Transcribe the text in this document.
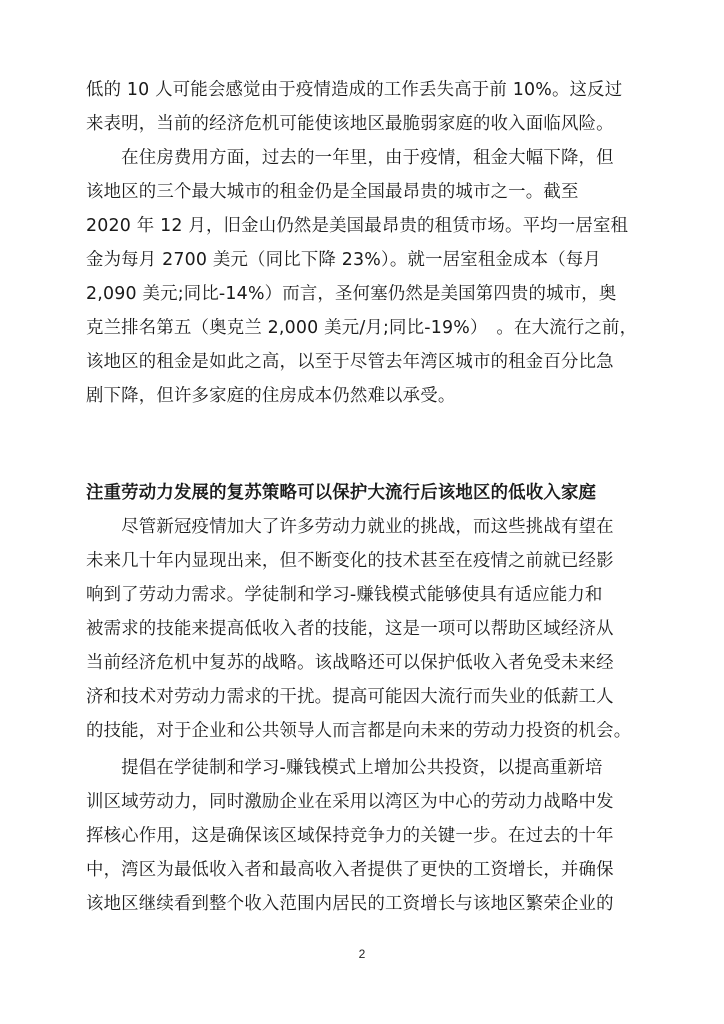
低的 10 人可能会感觉由于疫情造成的工作丢失高于前 10%。这反过
来表明，当前的经济危机可能使该地区最脆弱家庭的收入面临风险。
　　在住房费用方面，过去的一年里，由于疫情，租金大幅下降，但
该地区的三个最大城市的租金仍是全国最昂贵的城市之一。截至
2020 年 12 月，旧金山仍然是美国最昂贵的租赁市场。平均一居室租
金为每月 2700 美元（同比下降 23%）。就一居室租金成本（每月
2,090 美元;同比-14%）而言，圣何塞仍然是美国第四贵的城市，奥
克兰排名第五（奥克兰 2,000 美元/月;同比-19%）　。在大流行之前，
该地区的租金是如此之高，以至于尽管去年湾区城市的租金百分比急
剧下降，但许多家庭的住房成本仍然难以承受。
注重劳动力发展的复苏策略可以保护大流行后该地区的低收入家庭
　　尽管新冠疫情加大了许多劳动力就业的挑战，而这些挑战有望在
未来几十年内显现出来，但不断变化的技术甚至在疫情之前就已经影
响到了劳动力需求。学徒制和学习-赚钱模式能够使具有适应能力和
被需求的技能来提高低收入者的技能，这是一项可以帮助区域经济从
当前经济危机中复苏的战略。该战略还可以保护低收入者免受未来经
济和技术对劳动力需求的干扰。提高可能因大流行而失业的低薪工人
的技能，对于企业和公共领导人而言都是向未来的劳动力投资的机会。
　　提倡在学徒制和学习-赚钱模式上增加公共投资，以提高重新培
训区域劳动力，同时激励企业在采用以湾区为中心的劳动力战略中发
挥核心作用，这是确保该区域保持竞争力的关键一步。在过去的十年
中，湾区为最低收入者和最高收入者提供了更快的工资增长，并确保
该地区继续看到整个收入范围内居民的工资增长与该地区繁荣企业的
2
